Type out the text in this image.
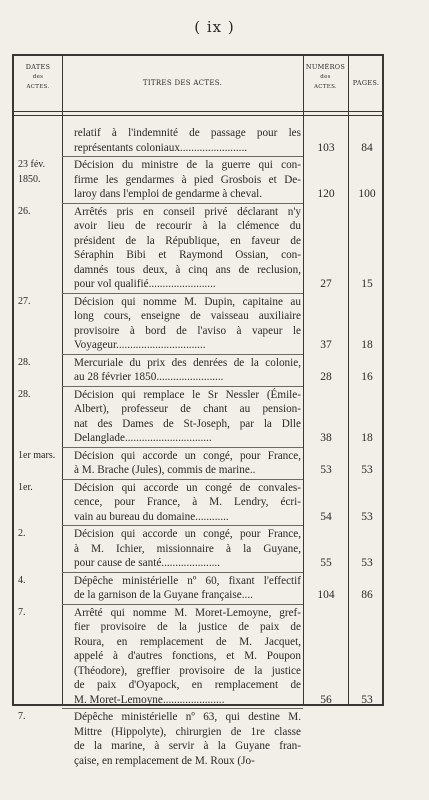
( ix )
DATES
des
ACTES.	TITRES DES ACTES.
NUMÉROS
des
ACTES.	PAGES.
relatif à l'indemnité de passage pour les
représentants coloniaux........................	103	84
23 fév.
1850.
Décision du ministre de la guerre qui con-
firme les gendarmes à pied Grosbois et De-
laroy dans l'emploi de gendarme à cheval.	120	100
26.	Arrêtés pris en conseil privé déclarant n'y
avoir lieu de recourir à la clémence du
président de la République, en faveur de
Séraphin Bibi et Raymond Ossian, con-
damnés tous deux, à cinq ans de reclusion,
pour vol qualifié........................	27	15
27.	Décision qui nomme M. Dupin, capitaine au
long cours, enseigne de vaisseau auxiliaire
provisoire à bord de l'aviso à vapeur le
Voyageur................................	37	18
28.	Mercuriale du prix des denrées de la colonie,
au 28 février 1850........................	28	16
28.	Décision qui remplace le Sr Nessler (Émile-
Albert), professeur de chant au pension-
nat des Dames de St-Joseph, par la Dlle
Delanglade...............................	38	18
1er mars.	Décision qui accorde un congé, pour France,
à M. Brache (Jules), commis de marine..	53	53
1er.	Décision qui accorde un congé de convales-
cence, pour France, à M. Lendry, écri-
vain au bureau du domaine............	54	53
2.	Décision qui accorde un congé, pour France,
à M. Ichier, missionnaire à la Guyane,
pour cause de santé.....................	55	53
4.	Dépêche ministérielle nº 60, fixant l'effectif
de la garnison de la Guyane française....	104	86
7.	Arrêté qui nomme M. Moret-Lemoyne, gref-
fier provisoire de la justice de paix de
Roura, en remplacement de M. Jacquet,
appelé à d'autres fonctions, et M. Poupon
(Théodore), greffier provisoire de la justice
de paix d'Oyapock, en remplacement de
M. Moret-Lemoyne......................	56	53
7.	Dépêche ministérielle nº 63, qui destine M.
Mittre (Hippolyte), chirurgien de 1re classe
de la marine, à servir à la Guyane fran-
çaise, en remplacement de M. Roux (Jo-
